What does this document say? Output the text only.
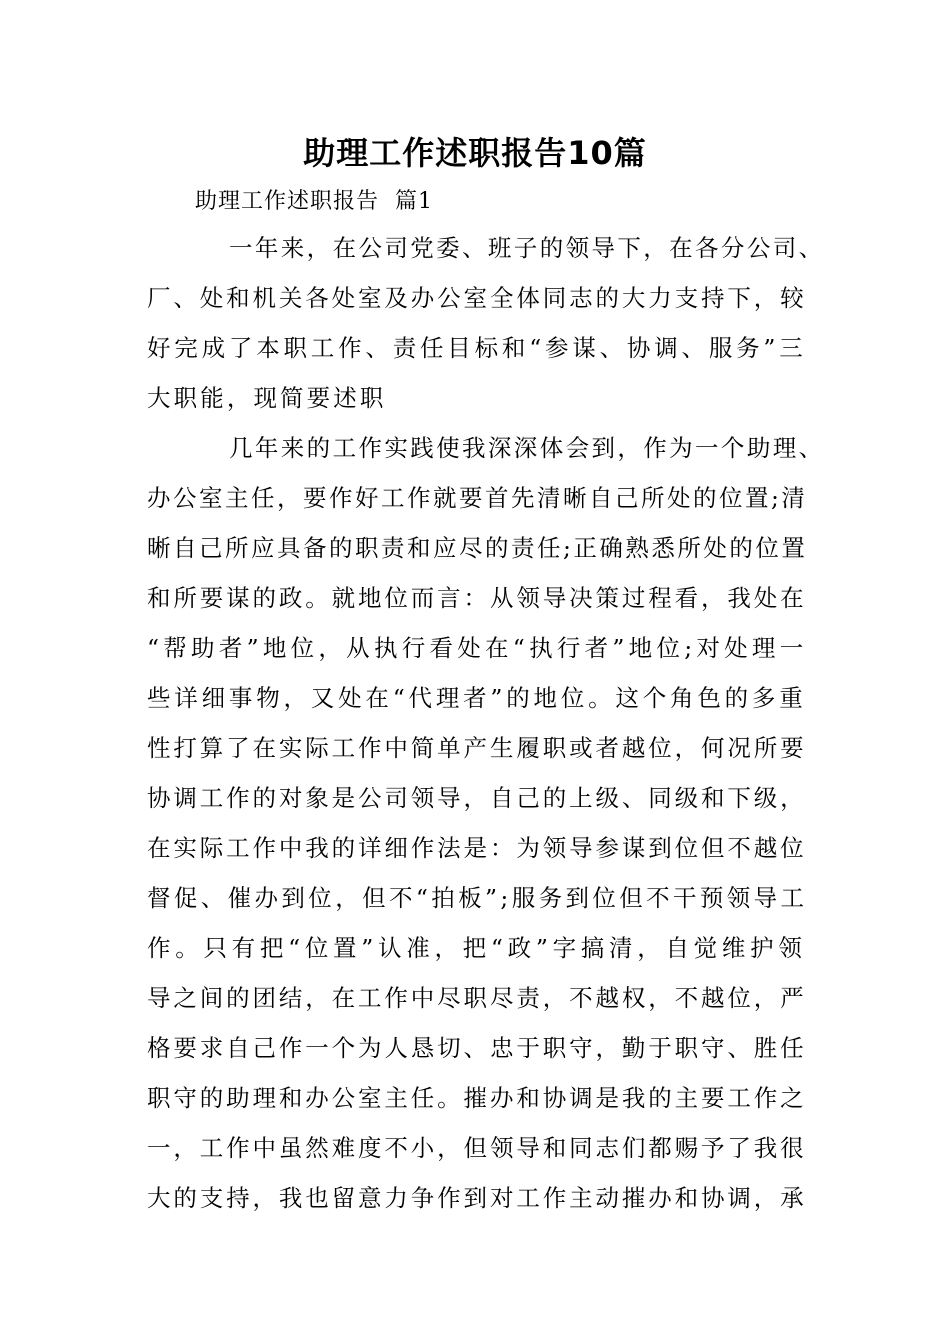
助理工作述职报告10篇
助理工作述职报告  篇1
一年来，在公司党委、班子的领导下，在各分公司、
厂、处和机关各处室及办公室全体同志的大力支持下，较
好完成了本职工作、责任目标和“参谋、协调、服务”三
大职能，现简要述职
几年来的工作实践使我深深体会到，作为一个助理、
办公室主任，要作好工作就要首先清晰自己所处的位置;清
晰自己所应具备的职责和应尽的责任;正确熟悉所处的位置
和所要谋的政。就地位而言：从领导决策过程看，我处在
“帮助者”地位，从执行看处在“执行者”地位;对处理一
些详细事物，又处在“代理者”的地位。这个角色的多重
性打算了在实际工作中简单产生履职或者越位，何况所要
协调工作的对象是公司领导，自己的上级、同级和下级，
在实际工作中我的详细作法是：为领导参谋到位但不越位
督促、催办到位，但不“拍板”;服务到位但不干预领导工
作。只有把“位置”认准，把“政”字搞清，自觉维护领
导之间的团结，在工作中尽职尽责，不越权，不越位，严
格要求自己作一个为人恳切、忠于职守，勤于职守、胜任
职守的助理和办公室主任。摧办和协调是我的主要工作之
一，工作中虽然难度不小，但领导和同志们都赐予了我很
大的支持，我也留意力争作到对工作主动摧办和协调，承
